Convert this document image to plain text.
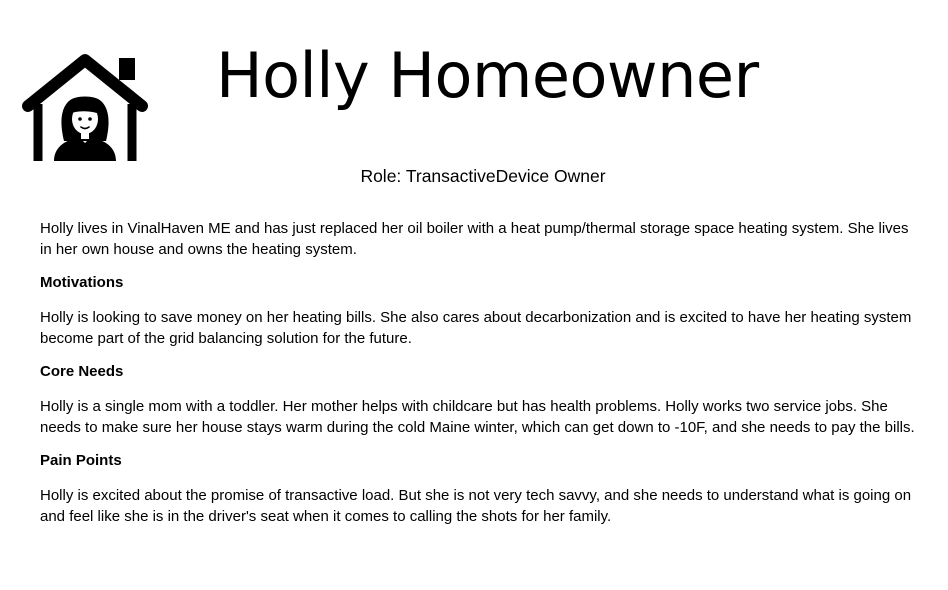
Holly Homeowner
Role: TransactiveDevice Owner

Holly lives in VinalHaven ME and has just replaced her oil boiler with a heat pump/thermal storage space heating system. She lives in her own house and owns the heating system.

Motivations

Holly is looking to save money on her heating bills. She also cares about decarbonization and is excited to have her heating system become part of the grid balancing solution for the future.

Core Needs

Holly is a single mom with a toddler. Her mother helps with childcare but has health problems. Holly works two service jobs. She needs to make sure her house stays warm during the cold Maine winter, which can get down to -10F, and she needs to pay the bills.

Pain Points

Holly is excited about the promise of transactive load. But she is not very tech savvy, and she needs to understand what is going on and feel like she is in the driver's seat when it comes to calling the shots for her family.
